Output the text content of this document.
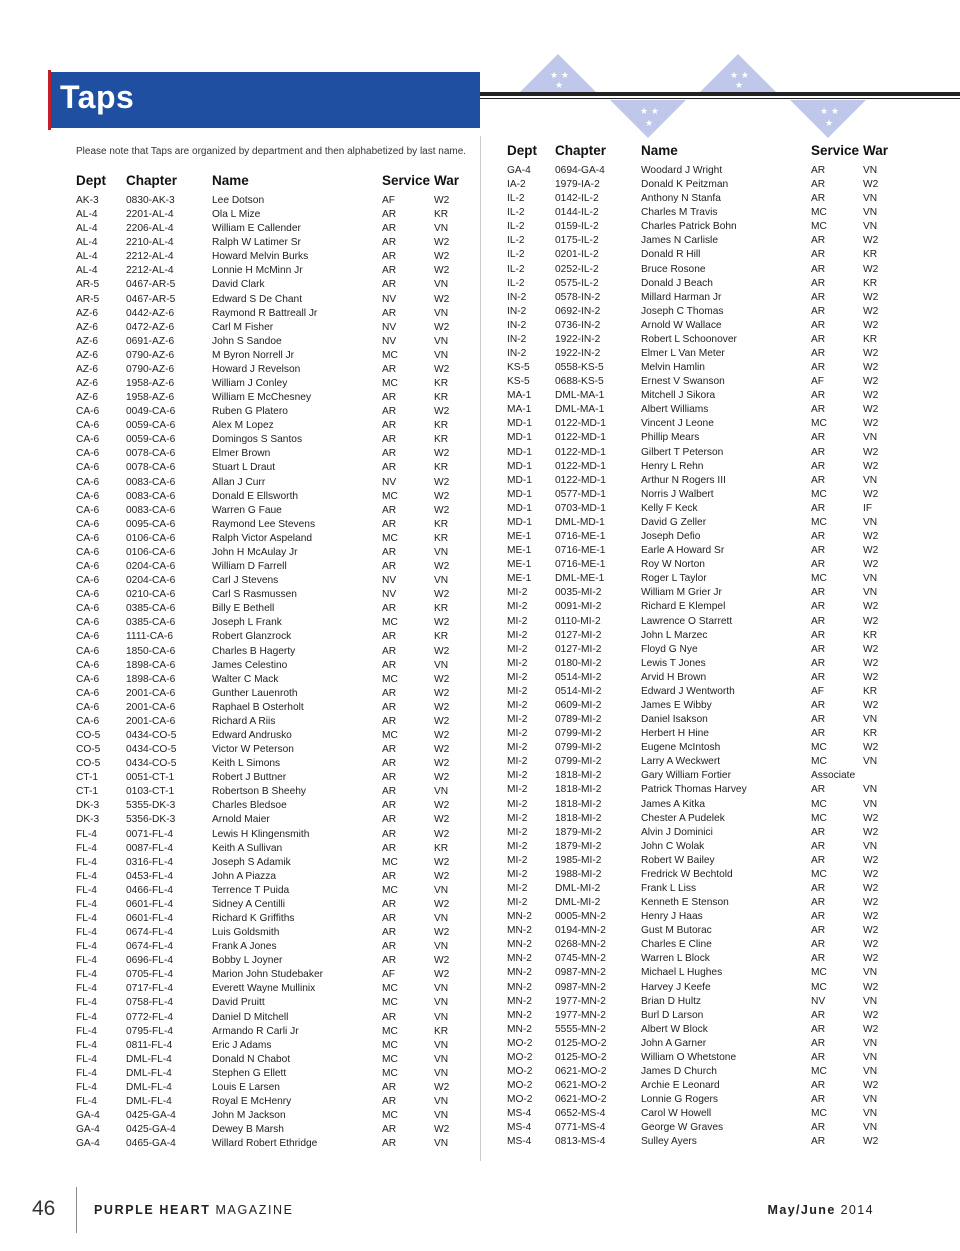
Taps
★ ★
★
★ ★
★
★ ★
★
★ ★
★
Please note that Taps are organized by department and then alphabetized by last name.
Dept	Chapter	Name	Service War
AK-3	0830-AK-3	Lee Dotson	AF	W2
AL-4	2201-AL-4	Ola L Mize	AR	KR
AL-4	2206-AL-4	William E Callender	AR	VN
AL-4	2210-AL-4	Ralph W Latimer Sr	AR	W2
AL-4	2212-AL-4	Howard Melvin Burks	AR	W2
AL-4	2212-AL-4	Lonnie H McMinn Jr	AR	W2
AR-5	0467-AR-5	David Clark	AR	VN
AR-5	0467-AR-5	Edward S De Chant	NV	W2
AZ-6	0442-AZ-6	Raymond R Battreall Jr	AR	VN
AZ-6	0472-AZ-6	Carl M Fisher	NV	W2
AZ-6	0691-AZ-6	John S Sandoe	NV	VN
AZ-6	0790-AZ-6	M Byron Norrell Jr	MC	VN
AZ-6	0790-AZ-6	Howard J Revelson	AR	W2
AZ-6	1958-AZ-6	William J Conley	MC	KR
AZ-6	1958-AZ-6	William E McChesney	AR	KR
CA-6	0049-CA-6	Ruben G Platero	AR	W2
CA-6	0059-CA-6	Alex M Lopez	AR	KR
CA-6	0059-CA-6	Domingos S Santos	AR	KR
CA-6	0078-CA-6	Elmer Brown	AR	W2
CA-6	0078-CA-6	Stuart L Draut	AR	KR
CA-6	0083-CA-6	Allan J Curr	NV	W2
CA-6	0083-CA-6	Donald E Ellsworth	MC	W2
CA-6	0083-CA-6	Warren G Faue	AR	W2
CA-6	0095-CA-6	Raymond Lee Stevens	AR	KR
CA-6	0106-CA-6	Ralph Victor Aspeland	MC	KR
CA-6	0106-CA-6	John H McAulay Jr	AR	VN
CA-6	0204-CA-6	William D Farrell	AR	W2
CA-6	0204-CA-6	Carl J Stevens	NV	VN
CA-6	0210-CA-6	Carl S Rasmussen	NV	W2
CA-6	0385-CA-6	Billy E Bethell	AR	KR
CA-6	0385-CA-6	Joseph L Frank	MC	W2
CA-6	1111-CA-6	Robert Glanzrock	AR	KR
CA-6	1850-CA-6	Charles B Hagerty	AR	W2
CA-6	1898-CA-6	James Celestino	AR	VN
CA-6	1898-CA-6	Walter C Mack	MC	W2
CA-6	2001-CA-6	Gunther Lauenroth	AR	W2
CA-6	2001-CA-6	Raphael B Osterholt	AR	W2
CA-6	2001-CA-6	Richard A Riis	AR	W2
CO-5	0434-CO-5	Edward Andrusko	MC	W2
CO-5	0434-CO-5	Victor W Peterson	AR	W2
CO-5	0434-CO-5	Keith L Simons	AR	W2
CT-1	0051-CT-1	Robert J Buttner	AR	W2
CT-1	0103-CT-1	Robertson B Sheehy	AR	VN
DK-3	5355-DK-3	Charles Bledsoe	AR	W2
DK-3	5356-DK-3	Arnold Maier	AR	W2
FL-4	0071-FL-4	Lewis H Klingensmith	AR	W2
FL-4	0087-FL-4	Keith A Sullivan	AR	KR
FL-4	0316-FL-4	Joseph S Adamik	MC	W2
FL-4	0453-FL-4	John A Piazza	AR	W2
FL-4	0466-FL-4	Terrence T Puida	MC	VN
FL-4	0601-FL-4	Sidney A Centilli	AR	W2
FL-4	0601-FL-4	Richard K Griffiths	AR	VN
FL-4	0674-FL-4	Luis Goldsmith	AR	W2
FL-4	0674-FL-4	Frank A Jones	AR	VN
FL-4	0696-FL-4	Bobby L Joyner	AR	W2
FL-4	0705-FL-4	Marion John Studebaker	AF	W2
FL-4	0717-FL-4	Everett Wayne Mullinix	MC	VN
FL-4	0758-FL-4	David Pruitt	MC	VN
FL-4	0772-FL-4	Daniel D Mitchell	AR	VN
FL-4	0795-FL-4	Armando R Carli Jr	MC	KR
FL-4	0811-FL-4	Eric J Adams	MC	VN
FL-4	DML-FL-4	Donald N Chabot	MC	VN
FL-4	DML-FL-4	Stephen G Ellett	MC	VN
FL-4	DML-FL-4	Louis E Larsen	AR	W2
FL-4	DML-FL-4	Royal E McHenry	AR	VN
GA-4	0425-GA-4	John M Jackson	MC	VN
GA-4	0425-GA-4	Dewey B Marsh	AR	W2
GA-4	0465-GA-4	Willard Robert Ethridge	AR	VN
Dept	Chapter	Name	Service War
GA-4	0694-GA-4	Woodard J Wright	AR	VN
IA-2	1979-IA-2	Donald K Peitzman	AR	W2
IL-2	0142-IL-2	Anthony N Stanfa	AR	VN
IL-2	0144-IL-2	Charles M Travis	MC	VN
IL-2	0159-IL-2	Charles Patrick Bohn	MC	VN
IL-2	0175-IL-2	James N Carlisle	AR	W2
IL-2	0201-IL-2	Donald R Hill	AR	KR
IL-2	0252-IL-2	Bruce Rosone	AR	W2
IL-2	0575-IL-2	Donald J Beach	AR	KR
IN-2	0578-IN-2	Millard Harman Jr	AR	W2
IN-2	0692-IN-2	Joseph C Thomas	AR	W2
IN-2	0736-IN-2	Arnold W Wallace	AR	W2
IN-2	1922-IN-2	Robert L Schoonover	AR	KR
IN-2	1922-IN-2	Elmer L Van Meter	AR	W2
KS-5	0558-KS-5	Melvin Hamlin	AR	W2
KS-5	0688-KS-5	Ernest V Swanson	AF	W2
MA-1	DML-MA-1	Mitchell J Sikora	AR	W2
MA-1	DML-MA-1	Albert Williams	AR	W2
MD-1	0122-MD-1	Vincent J Leone	MC	W2
MD-1	0122-MD-1	Phillip Mears	AR	VN
MD-1	0122-MD-1	Gilbert T Peterson	AR	W2
MD-1	0122-MD-1	Henry L Rehn	AR	W2
MD-1	0122-MD-1	Arthur N Rogers III	AR	VN
MD-1	0577-MD-1	Norris J Walbert	MC	W2
MD-1	0703-MD-1	Kelly F Keck	AR	IF
MD-1	DML-MD-1	David G Zeller	MC	VN
ME-1	0716-ME-1	Joseph Defio	AR	W2
ME-1	0716-ME-1	Earle A Howard Sr	AR	W2
ME-1	0716-ME-1	Roy W Norton	AR	W2
ME-1	DML-ME-1	Roger L Taylor	MC	VN
MI-2	0035-MI-2	William M Grier Jr	AR	VN
MI-2	0091-MI-2	Richard E Klempel	AR	W2
MI-2	0110-MI-2	Lawrence O Starrett	AR	W2
MI-2	0127-MI-2	John L Marzec	AR	KR
MI-2	0127-MI-2	Floyd G Nye	AR	W2
MI-2	0180-MI-2	Lewis T Jones	AR	W2
MI-2	0514-MI-2	Arvid H Brown	AR	W2
MI-2	0514-MI-2	Edward J Wentworth	AF	KR
MI-2	0609-MI-2	James E Wibby	AR	W2
MI-2	0789-MI-2	Daniel Isakson	AR	VN
MI-2	0799-MI-2	Herbert H Hine	AR	KR
MI-2	0799-MI-2	Eugene McIntosh	MC	W2
MI-2	0799-MI-2	Larry A Weckwert	MC	VN
MI-2	1818-MI-2	Gary William Fortier	Associate
MI-2	1818-MI-2	Patrick Thomas Harvey	AR	VN
MI-2	1818-MI-2	James A Kitka	MC	VN
MI-2	1818-MI-2	Chester A Pudelek	MC	W2
MI-2	1879-MI-2	Alvin J Dominici	AR	W2
MI-2	1879-MI-2	John C Wolak	AR	VN
MI-2	1985-MI-2	Robert W Bailey	AR	W2
MI-2	1988-MI-2	Fredrick W Bechtold	MC	W2
MI-2	DML-MI-2	Frank L Liss	AR	W2
MI-2	DML-MI-2	Kenneth E Stenson	AR	W2
MN-2	0005-MN-2	Henry J Haas	AR	W2
MN-2	0194-MN-2	Gust M Butorac	AR	W2
MN-2	0268-MN-2	Charles E Cline	AR	W2
MN-2	0745-MN-2	Warren L Block	AR	W2
MN-2	0987-MN-2	Michael L Hughes	MC	VN
MN-2	0987-MN-2	Harvey J Keefe	MC	W2
MN-2	1977-MN-2	Brian D Hultz	NV	VN
MN-2	1977-MN-2	Burl D Larson	AR	W2
MN-2	5555-MN-2	Albert W Block	AR	W2
MO-2	0125-MO-2	John A Garner	AR	VN
MO-2	0125-MO-2	William O Whetstone	AR	VN
MO-2	0621-MO-2	James D Church	MC	VN
MO-2	0621-MO-2	Archie E Leonard	AR	W2
MO-2	0621-MO-2	Lonnie G Rogers	AR	VN
MS-4	0652-MS-4	Carol W Howell	MC	VN
MS-4	0771-MS-4	George W Graves	AR	VN
MS-4	0813-MS-4	Sulley Ayers	AR	W2
46	PURPLE HEART MAGAZINE	May/June 2014
